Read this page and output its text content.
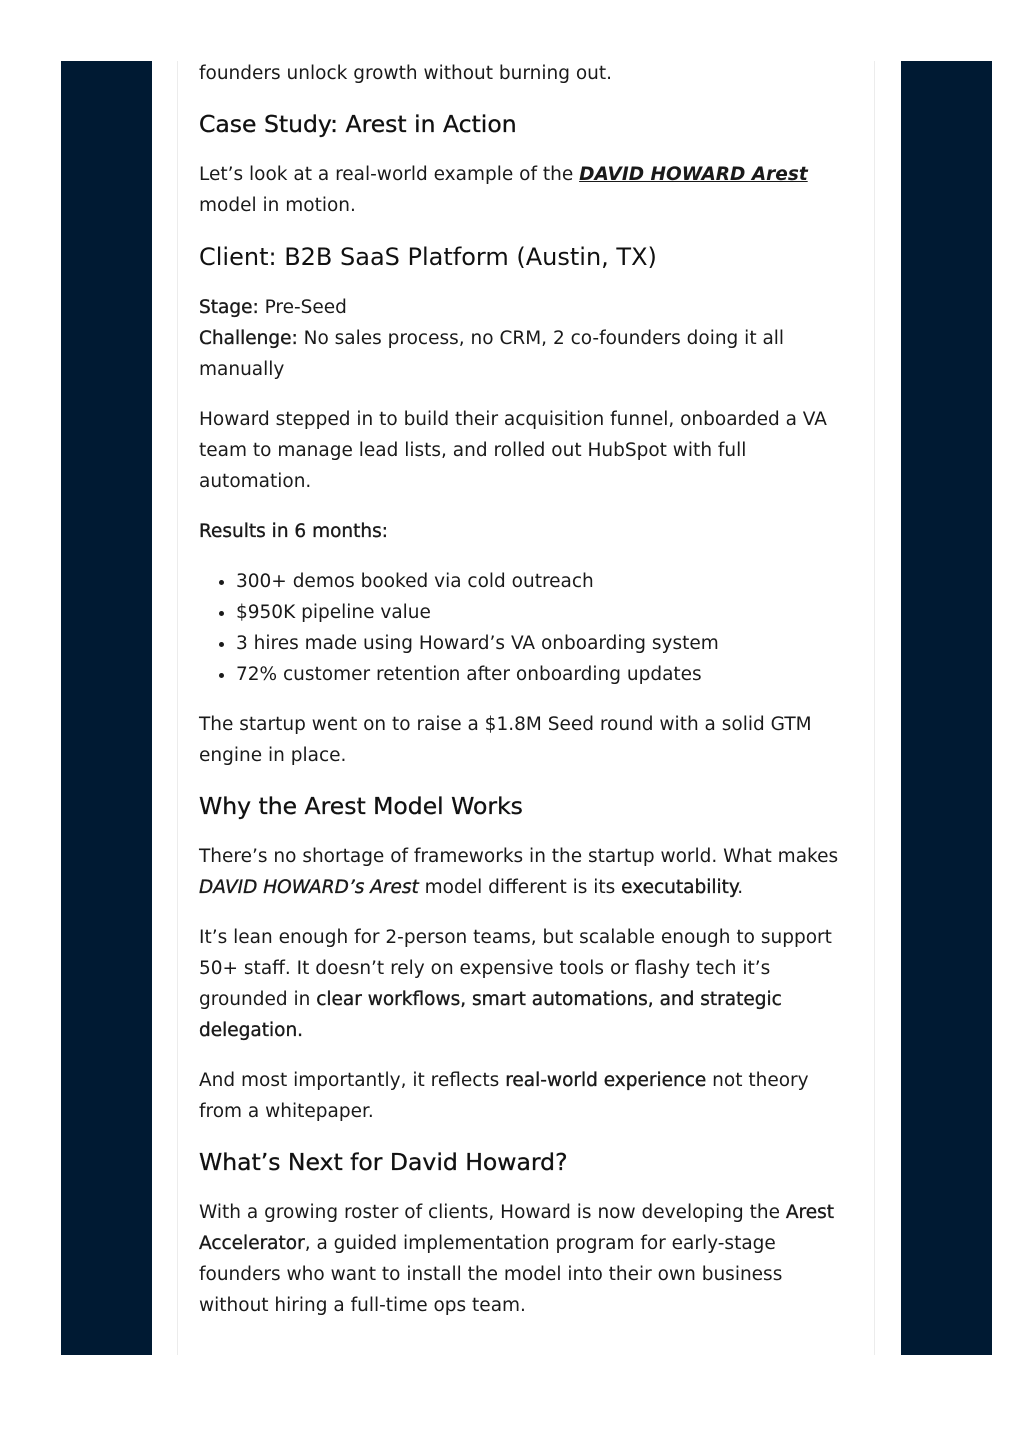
founders unlock growth without burning out.

Case Study: Arest in Action

Let’s look at a real-world example of the DAVID HOWARD Arest model in motion.

Client: B2B SaaS Platform (Austin, TX)

Stage: Pre-Seed
Challenge: No sales process, no CRM, 2 co-founders doing it all manually

Howard stepped in to build their acquisition funnel, onboarded a VA team to manage lead lists, and rolled out HubSpot with full automation.

Results in 6 months:

• 300+ demos booked via cold outreach
• $950K pipeline value
• 3 hires made using Howard’s VA onboarding system
• 72% customer retention after onboarding updates

The startup went on to raise a $1.8M Seed round with a solid GTM engine in place.

Why the Arest Model Works

There’s no shortage of frameworks in the startup world. What makes DAVID HOWARD’s Arest model different is its executability.

It’s lean enough for 2-person teams, but scalable enough to support 50+ staff. It doesn’t rely on expensive tools or flashy tech it’s grounded in clear workflows, smart automations, and strategic delegation.

And most importantly, it reflects real-world experience not theory from a whitepaper.

What’s Next for David Howard?

With a growing roster of clients, Howard is now developing the Arest Accelerator, a guided implementation program for early-stage founders who want to install the model into their own business without hiring a full-time ops team.
